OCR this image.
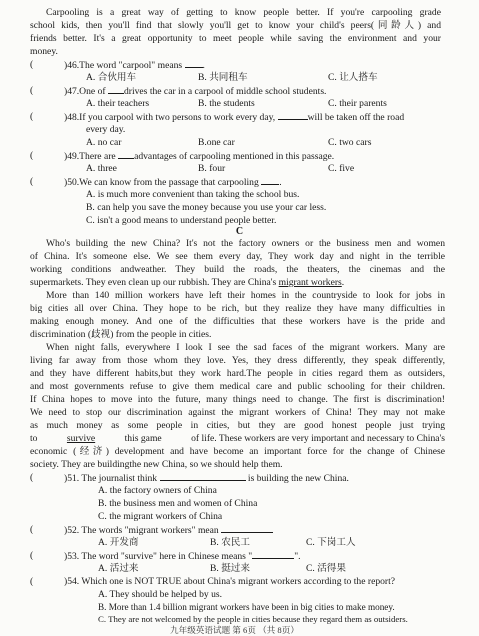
Carpooling is a great way of getting to know people better. If you're carpooling grade
school kids, then you'll find that slowly you'll get to know your child's peers(同龄人) and
friends better. It's a great opportunity to meet people while saving the environment and your
money.
(	)46.The word "carpool" means .
A. 合伙用车	B. 共同租车	C. 让人搭车
(	)47.One of drives the car in a carpool of middle school students.
A. their teachers	B. the students	C. their parents
(	)48.If you carpool with two persons to work every day,	will be taken off the road
every day.
A. no car	B.one car	C. two cars
(	)49.There are advantages of carpooling mentioned in this passage.
A. three	B. four	C. five
(	)50.We can know from the passage that carpooling .
A. is much more convenient than taking the school bus.
B. can help you save the money because you use your car less.
C. isn't a good means to understand people better.
C
Who's building the new China? It's not the factory owners or the business men and women
of China. It's someone else. We see them every day, They work day and night in the terrible
working conditions andweather. They build the roads, the theaters, the cinemas and the
supermarkets. They even clean up our rubbish. They are China's migrant workers.
More than 140 million workers have left their homes in the countryside to look for jobs in
big cities all over China. They hope to be rich, but they realize they have many difficulties in
making enough money. And one of the difficulties that these workers have is the pride and
discrimination (歧视) from the people in cities.
When night falls, everywhere I look I see the sad faces of the migrant workers. Many are
living far away from those whom they love. Yes, they dress differently, they speak differently,
and they have different habits,but they work hard.The people in cities regard them as outsiders,
and most governments refuse to give them medical care and public schooling for their children.
If China hopes to move into the future, many things need to change. The first is discrimination!
We need to stop our discrimination against the migrant workers of China! They may not make
as much money as some people in cities, but they are good honest people just trying
to	survive	this game	of life. These workers are very important and necessary to China's
economic (经济) development and have become an important force for the change of Chinese
society. They are buildingthe new China, so we should help them.
(	)51. The journalist think	is building the new China.
A. the factory owners of China
B. the business men and women of China
C. the migrant workers of China
(	)52. The words "migrant workers" mean
A. 开发商	B. 农民工	C. 下岗工人
(	)53. The word "survive" here in Chinese means "	".
A. 活过来	B. 挺过来	C. 活得果
(	)54. Which one is NOT TRUE about China's migrant workers according to the report?
A. They should be helped by us.
B. More than 1.4 billion migrant workers have been in big cities to make money.
C. They are not welcomed by the people in cities because they regard them as outsiders.
九年级英语试题 第 6页 （共 8页）
